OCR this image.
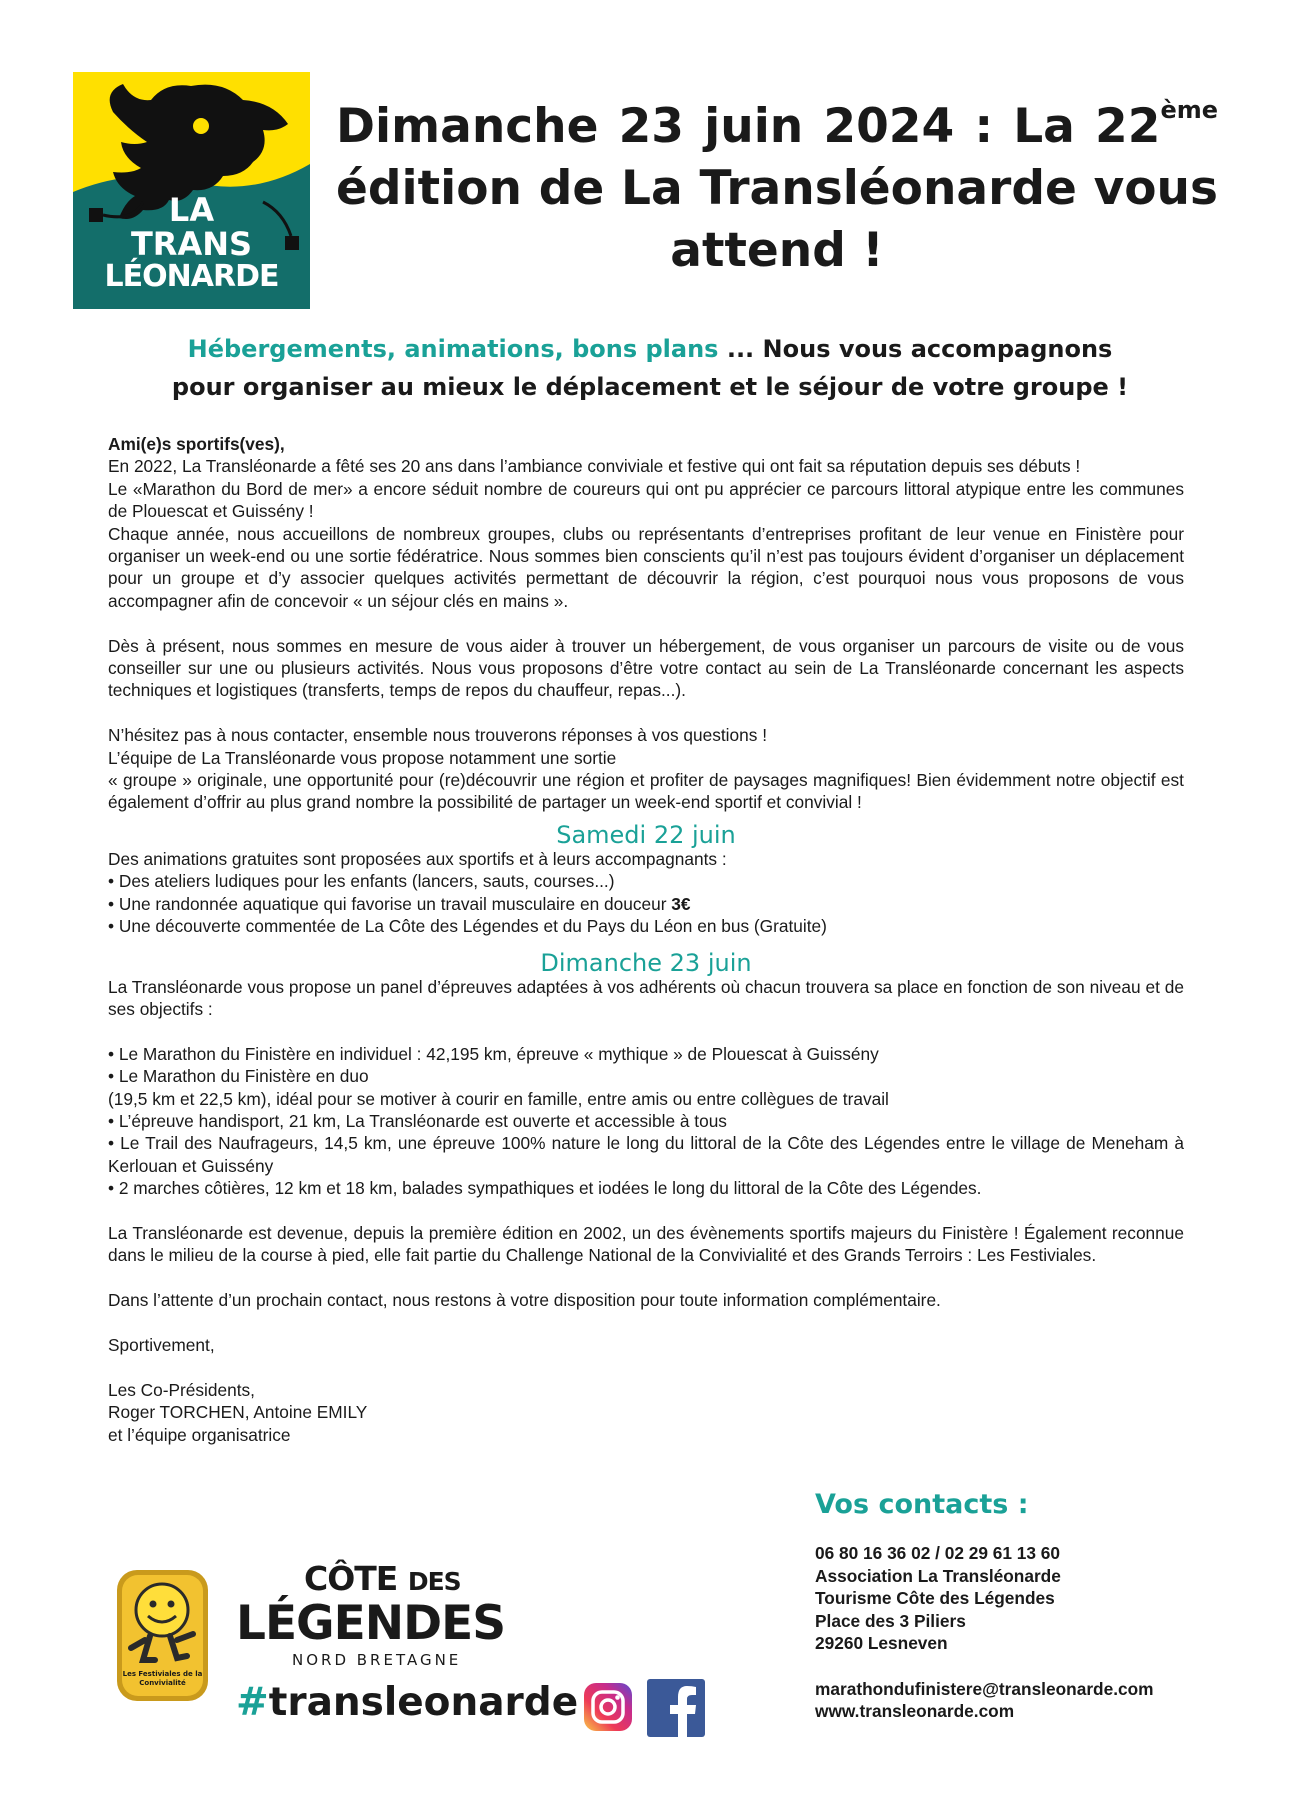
LA
TRANS
LÉONARDE
Dimanche 23 juin 2024 : La 22ème édition de La Transléonarde vous attend !
Hébergements, animations, bons plans ... Nous vous accompagnons pour organiser au mieux le déplacement et le séjour de votre groupe !

Ami(e)s sportifs(ves),

En 2022, La Transléonarde a fêté ses 20 ans dans l’ambiance conviviale et festive qui ont fait sa réputation depuis ses débuts !

Le «Marathon du Bord de mer» a encore séduit nombre de coureurs qui ont pu apprécier ce parcours littoral atypique entre les communes de Plouescat et Guissény !

Chaque année, nous accueillons de nombreux groupes, clubs ou représentants d’entreprises profitant de leur venue en Finistère pour organiser un week-end ou une sortie fédératrice. Nous sommes bien conscients qu’il n’est pas toujours évident d’organiser un déplacement pour un groupe et d’y associer quelques activités permettant de découvrir la région, c’est pourquoi nous vous proposons de vous accompagner afin de concevoir « un séjour clés en mains ».

Dès à présent, nous sommes en mesure de vous aider à trouver un hébergement, de vous organiser un parcours de visite ou de vous conseiller sur une ou plusieurs activités. Nous vous proposons d’être votre contact au sein de La Transléonarde concernant les aspects techniques et logistiques (transferts, temps de repos du chauffeur, repas...).

N’hésitez pas à nous contacter, ensemble nous trouverons réponses à vos questions !

L’équipe de La Transléonarde vous propose notamment une sortie

« groupe » originale, une opportunité pour (re)découvrir une région et profiter de paysages magnifiques! Bien évidemment notre objectif est également d’offrir au plus grand nombre la possibilité de partager un week-end sportif et convivial !

Samedi 22 juin

Des animations gratuites sont proposées aux sportifs et à leurs accompagnants :

• Des ateliers ludiques pour les enfants (lancers, sauts, courses...)

• Une randonnée aquatique qui favorise un travail musculaire en douceur 3€

• Une découverte commentée de La Côte des Légendes et du Pays du Léon en bus (Gratuite)

Dimanche 23 juin

La Transléonarde vous propose un panel d’épreuves adaptées à vos adhérents où chacun trouvera sa place en fonction de son niveau et de ses objectifs :

• Le Marathon du Finistère en individuel : 42,195 km, épreuve « mythique » de Plouescat à Guissény

• Le Marathon du Finistère en duo

(19,5 km et 22,5 km), idéal pour se motiver à courir en famille, entre amis ou entre collègues de travail

• L’épreuve handisport, 21 km, La Transléonarde est ouverte et accessible à tous

• Le Trail des Naufrageurs, 14,5 km, une épreuve 100% nature le long du littoral de la Côte des Légendes entre le village de Meneham à Kerlouan et Guissény

• 2 marches côtières, 12 km et 18 km, balades sympathiques et iodées le long du littoral de la Côte des Légendes.

La Transléonarde est devenue, depuis la première édition en 2002, un des évènements sportifs majeurs du Finistère ! Également reconnue dans le milieu de la course à pied, elle fait partie du Challenge National de la Convivialité et des Grands Terroirs : Les Festiviales.

Dans l’attente d’un prochain contact, nous restons à votre disposition pour toute information complémentaire.

Sportivement,

Les Co-Présidents,

Roger TORCHEN, Antoine EMILY

et l’équipe organisatrice

Vos contacts :
06 80 16 36 02 / 02 29 61 13 60
Association La Transléonarde
Tourisme Côte des Légendes
Place des 3 Piliers
29260 Lesneven
marathondufinistere@transleonarde.com
www.transleonarde.com
Les Festiviales de la Convivialité
CÔTE DES
LÉGENDES
NORD BRETAGNE
#transleonarde
